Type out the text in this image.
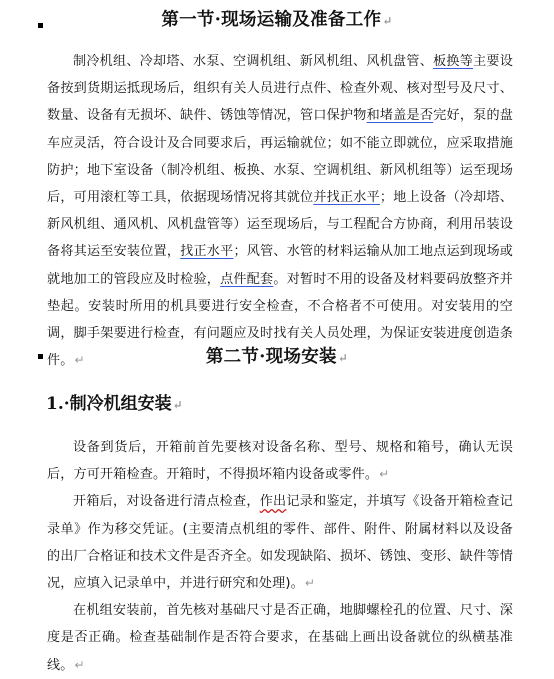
第一节·现场运输及准备工作↵

制冷机组、冷却塔、水泵、空调机组、新风机组、风机盘管、板换等主要设备按到货期运抵现场后，组织有关人员进行点件、检查外观、核对型号及尺寸、数量、设备有无损坏、缺件、锈蚀等情况，管口保护物和堵盖是否完好，泵的盘车应灵活，符合设计及合同要求后，再运输就位；如不能立即就位，应采取措施防护；地下室设备（制冷机组、板换、水泵、空调机组、新风机组等）运至现场后，可用滚杠等工具，依据现场情况将其就位并找正水平；地上设备（冷却塔、新风机组、通风机、风机盘管等）运至现场后，与工程配合方协商，利用吊装设备将其运至安装位置，找正水平；风管、水管的材料运输从加工地点运到现场或就地加工的管段应及时检验，点件配套。对暂时不用的设备及材料要码放整齐并垫起。安装时所用的机具要进行安全检查，不合格者不可使用。对安装用的空调，脚手架要进行检查，有问题应及时找有关人员处理，为保证安装进度创造条件。↵	第二节·现场安装↵
1.·制冷机组安装↵

设备到货后，开箱前首先要核对设备名称、型号、规格和箱号，确认无误后，方可开箱检查。开箱时，不得损坏箱内设备或零件。↵

开箱后，对设备进行清点检查，作出记录和鉴定，并填写《设备开箱检查记录单》作为移交凭证。(主要清点机组的零件、部件、附件、附属材料以及设备的出厂合格证和技术文件是否齐全。如发现缺陷、损坏、锈蚀、变形、缺件等情况，应填入记录单中，并进行研究和处理)。↵

在机组安装前，首先核对基础尺寸是否正确，地脚螺栓孔的位置、尺寸、深度是否正确。检查基础制作是否符合要求，在基础上画出设备就位的纵横基准线。↵
